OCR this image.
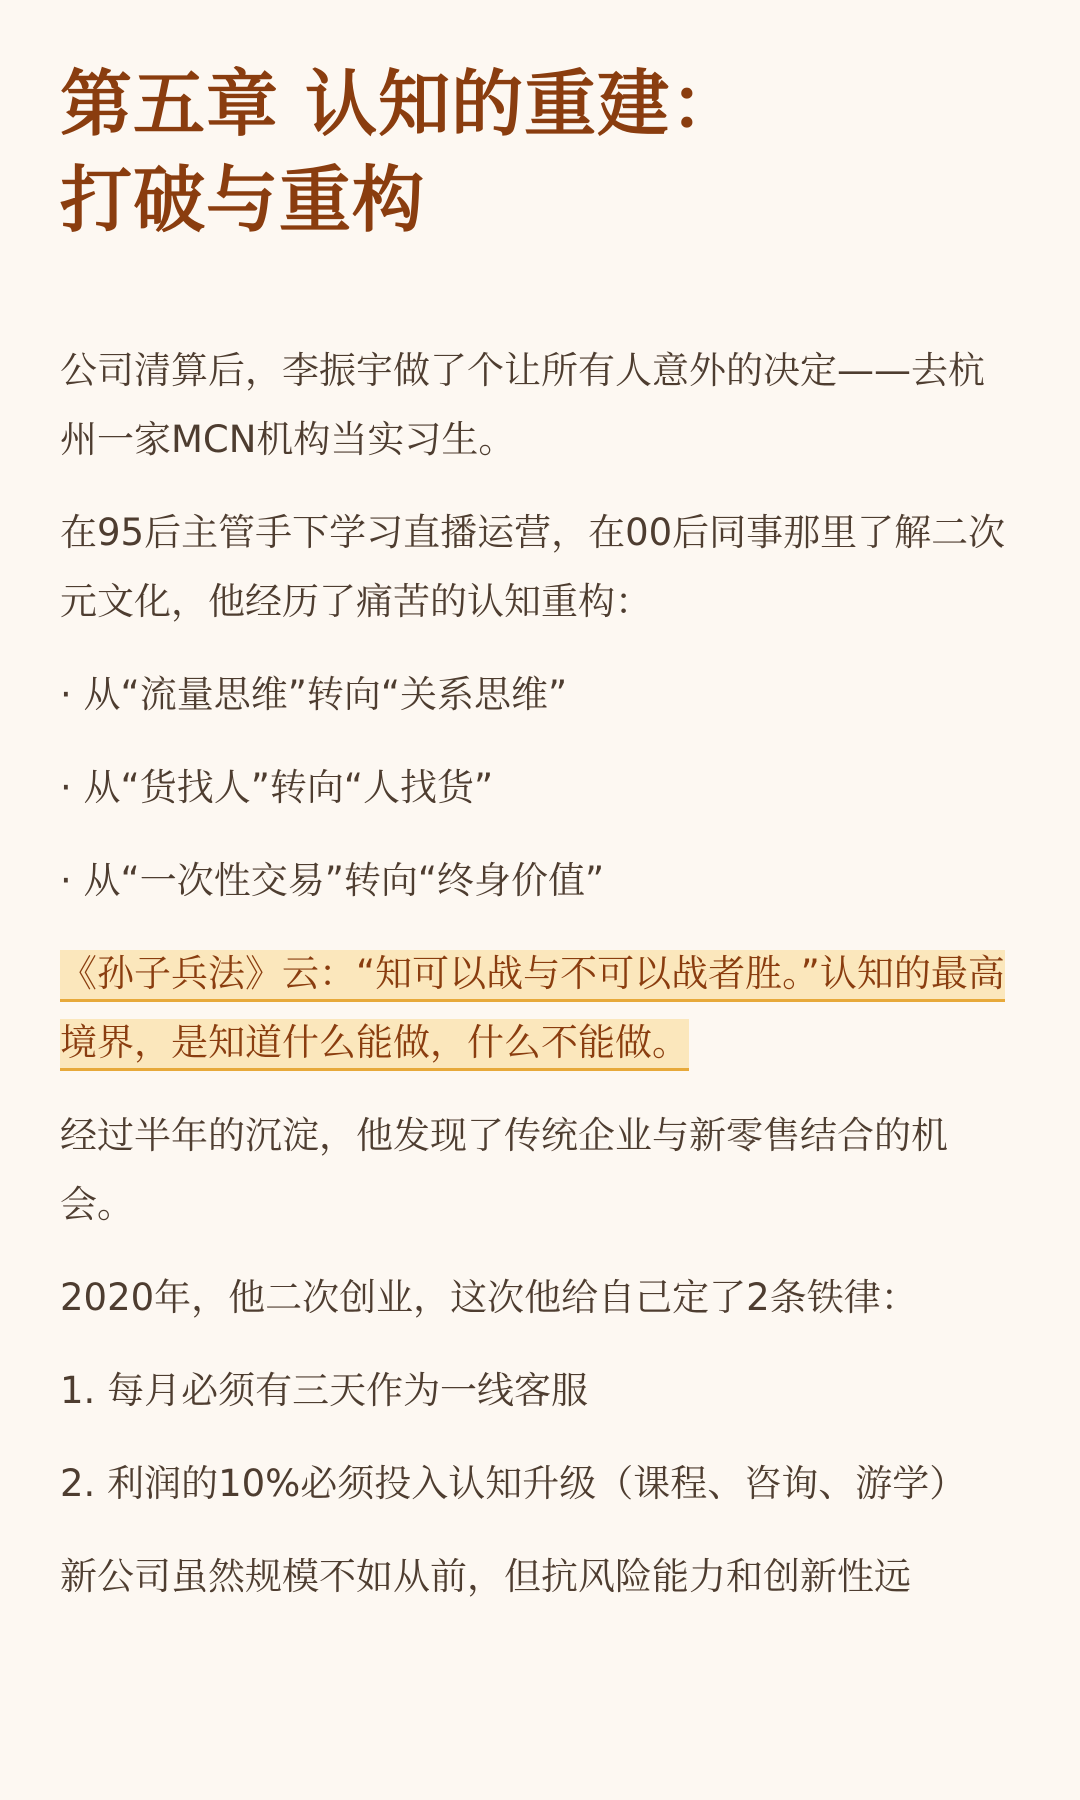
第五章 认知的重建：
打破与重构

公司清算后，李振宇做了个让所有人意外的决定——去杭州一家MCN机构当实习生。

在95后主管手下学习直播运营，在00后同事那里了解二次元文化，他经历了痛苦的认知重构：

· 从“流量思维”转向“关系思维”

· 从“货找人”转向“人找货”

· 从“一次性交易”转向“终身价值”

《孙子兵法》云：“知可以战与不可以战者胜。”认知的最高境界，是知道什么能做，什么不能做。

经过半年的沉淀，他发现了传统企业与新零售结合的机会。

2020年，他二次创业，这次他给自己定了2条铁律：

1. 每月必须有三天作为一线客服

2. 利润的10%必须投入认知升级（课程、咨询、游学）

新公司虽然规模不如从前，但抗风险能力和创新性远
